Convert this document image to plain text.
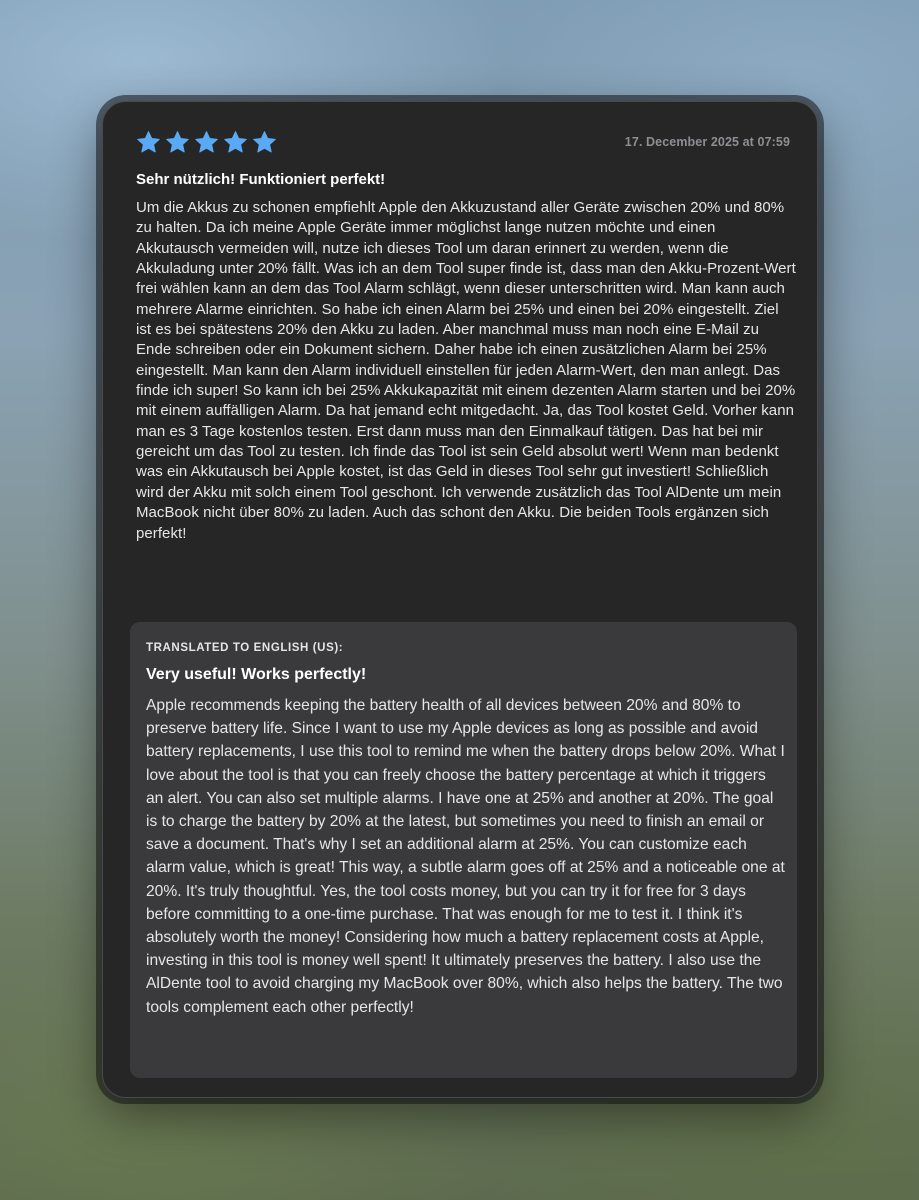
17. December 2025 at 07:59
Sehr nützlich! Funktioniert perfekt!

Um die Akkus zu schonen empfiehlt Apple den Akkuzustand aller Geräte zwischen 20% und 80% zu halten. Da ich meine Apple Geräte immer möglichst lange nutzen möchte und einen Akkutausch vermeiden will, nutze ich dieses Tool um daran erinnert zu werden, wenn die Akkuladung unter 20% fällt. Was ich an dem Tool super finde ist, dass man den Akku-Prozent-Wert frei wählen kann an dem das Tool Alarm schlägt, wenn dieser unterschritten wird. Man kann auch mehrere Alarme einrichten. So habe ich einen Alarm bei 25% und einen bei 20% eingestellt. Ziel ist es bei spätestens 20% den Akku zu laden. Aber manchmal muss man noch eine E-Mail zu Ende schreiben oder ein Dokument sichern. Daher habe ich einen zusätzlichen Alarm bei 25% eingestellt. Man kann den Alarm individuell einstellen für jeden Alarm-Wert, den man anlegt. Das finde ich super! So kann ich bei 25% Akkukapazität mit einem dezenten Alarm starten und bei 20% mit einem auffälligen Alarm. Da hat jemand echt mitgedacht. Ja, das Tool kostet Geld. Vorher kann man es 3 Tage kostenlos testen. Erst dann muss man den Einmalkauf tätigen. Das hat bei mir gereicht um das Tool zu testen. Ich finde das Tool ist sein Geld absolut wert! Wenn man bedenkt was ein Akkutausch bei Apple kostet, ist das Geld in dieses Tool sehr gut investiert! Schließlich wird der Akku mit solch einem Tool geschont. Ich verwende zusätzlich das Tool AlDente um mein MacBook nicht über 80% zu laden. Auch das schont den Akku. Die beiden Tools ergänzen sich perfekt!

TRANSLATED TO ENGLISH (US):
Very useful! Works perfectly!

Apple recommends keeping the battery health of all devices between 20% and 80% to preserve battery life. Since I want to use my Apple devices as long as possible and avoid battery replacements, I use this tool to remind me when the battery drops below 20%. What I love about the tool is that you can freely choose the battery percentage at which it triggers an alert. You can also set multiple alarms. I have one at 25% and another at 20%. The goal is to charge the battery by 20% at the latest, but sometimes you need to finish an email or save a document. That's why I set an additional alarm at 25%. You can customize each alarm value, which is great! This way, a subtle alarm goes off at 25% and a noticeable one at 20%. It's truly thoughtful. Yes, the tool costs money, but you can try it for free for 3 days before committing to a one-time purchase. That was enough for me to test it. I think it's absolutely worth the money! Considering how much a battery replacement costs at Apple, investing in this tool is money well spent! It ultimately preserves the battery. I also use the AlDente tool to avoid charging my MacBook over 80%, which also helps the battery. The two tools complement each other perfectly!
